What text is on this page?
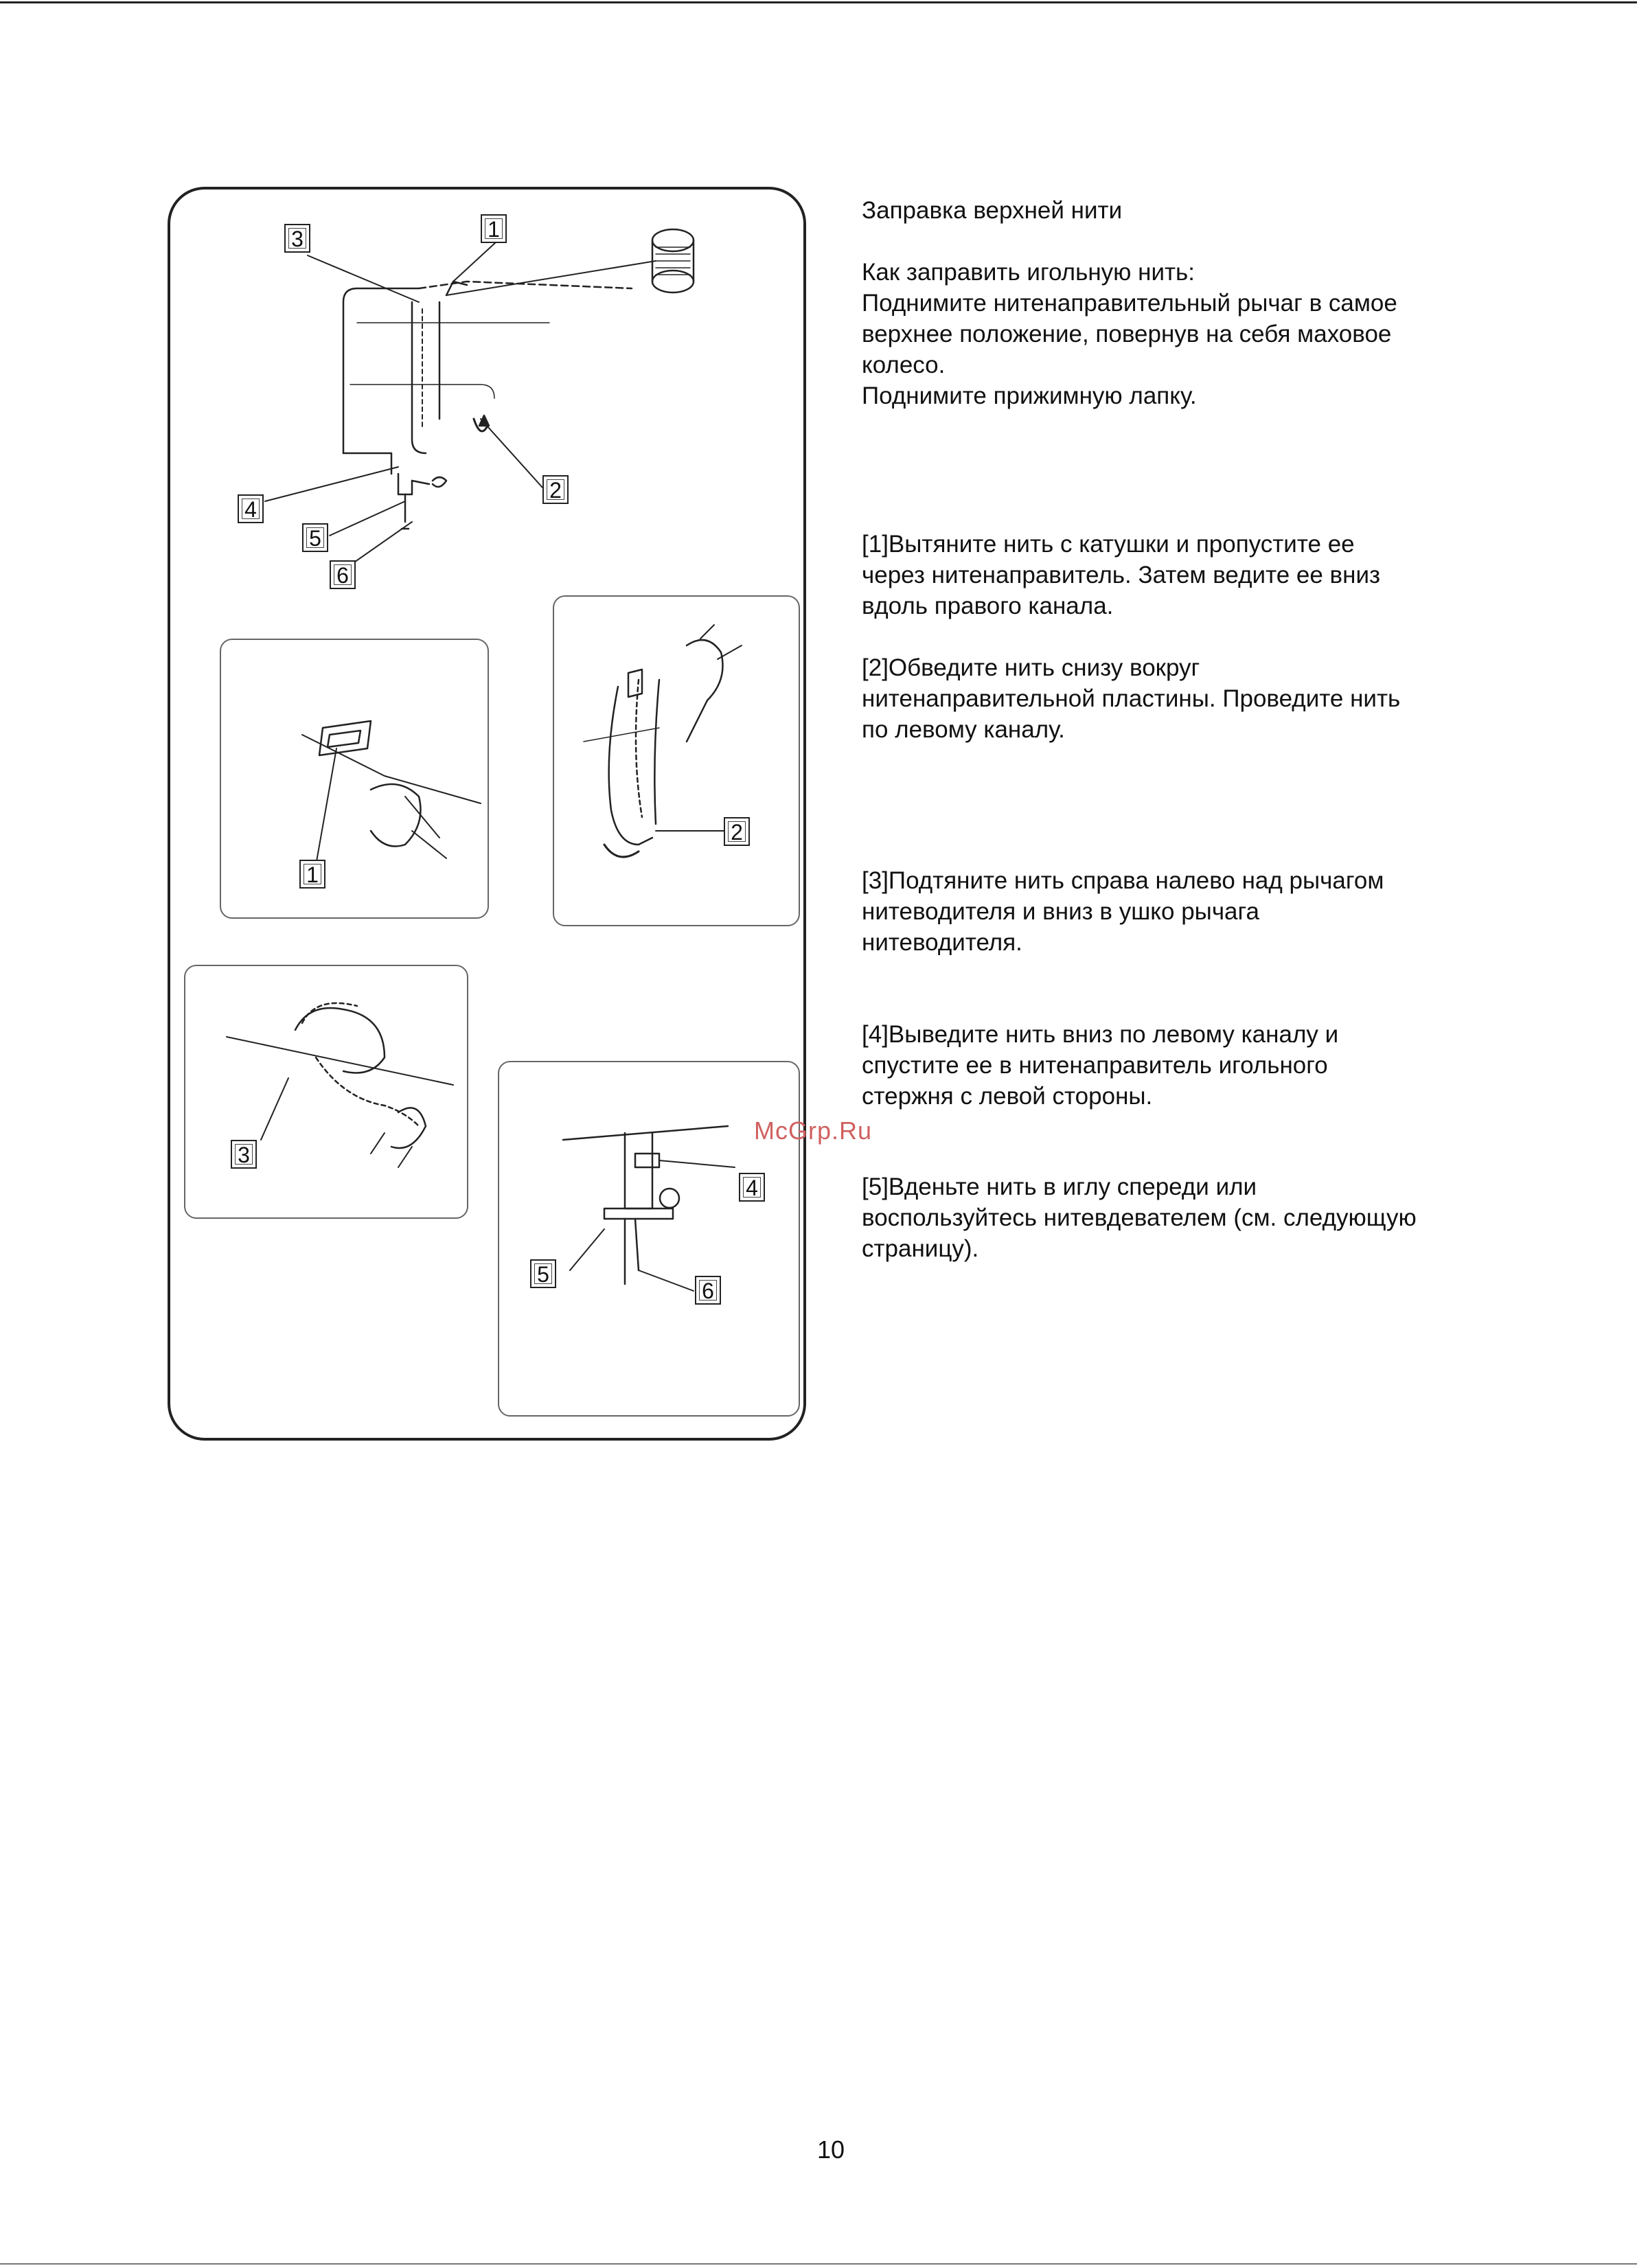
3	1
2
4
5
6
1
2
3
4
5
6

Заправка верхней нити

Как заправить игольную нить:

Поднимите нитенаправительный рычаг в самое

верхнее положение, повернув на себя маховое

колесо.

Поднимите прижимную лапку.

[1]Вытяните нить с катушки и пропустите ее

через нитенаправитель. Затем ведите ее вниз

вдоль правого канала.

[2]Обведите нить снизу вокруг

нитенаправительной пластины. Проведите нить

по левому каналу.

[3]Подтяните нить справа налево над рычагом

нитеводителя и вниз в ушко рычага

нитеводителя.

[4]Выведите нить вниз по левому каналу и

спустите ее в нитенаправитель игольного

стержня с левой стороны.

[5]Вденьте нить в иглу спереди или

воспользуйтесь нитевдевателем (см. следующую

страницу).

McGrp.Ru
10
